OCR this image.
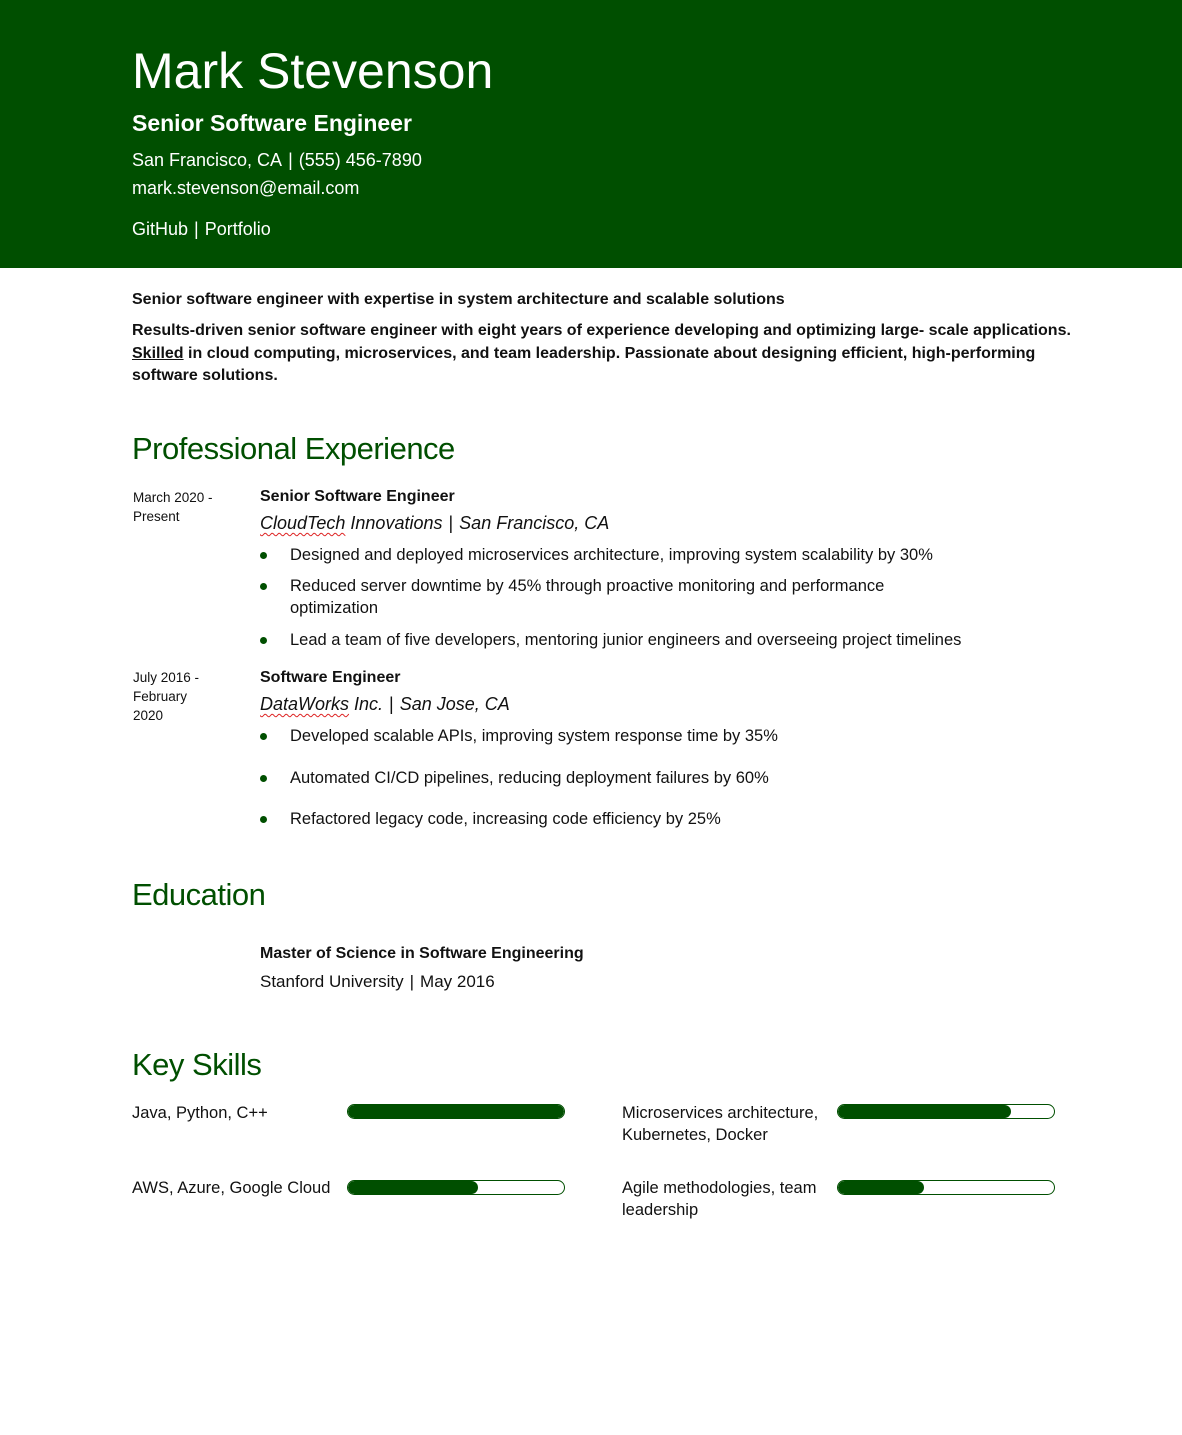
Mark Stevenson
Senior Software Engineer
San Francisco, CA | (555) 456-7890
mark.stevenson@email.com
GitHub | Portfolio
Senior software engineer with expertise in system architecture and scalable solutions
Results-driven senior software engineer with eight years of experience developing and optimizing large- scale applications.
Skilled in cloud computing, microservices, and team leadership. Passionate about designing efficient, high-performing software solutions.
Professional Experience
March 2020 -
Present
Senior Software Engineer
CloudTech Innovations | San Francisco, CA
Designed and deployed microservices architecture, improving system scalability by 30%
Reduced server downtime by 45% through proactive monitoring and performance optimization
Lead a team of five developers, mentoring junior engineers and overseeing project timelines
July 2016 -
February
2020
Software Engineer
DataWorks Inc. | San Jose, CA
Developed scalable APIs, improving system response time by 35%
Automated CI/CD pipelines, reducing deployment failures by 60%
Refactored legacy code, increasing code efficiency by 25%
Education
Master of Science in Software Engineering
Stanford University | May 2016
Key Skills
Java, Python, C++	Microservices architecture, Kubernetes, Docker
AWS, Azure, Google Cloud	Agile methodologies, team leadership
